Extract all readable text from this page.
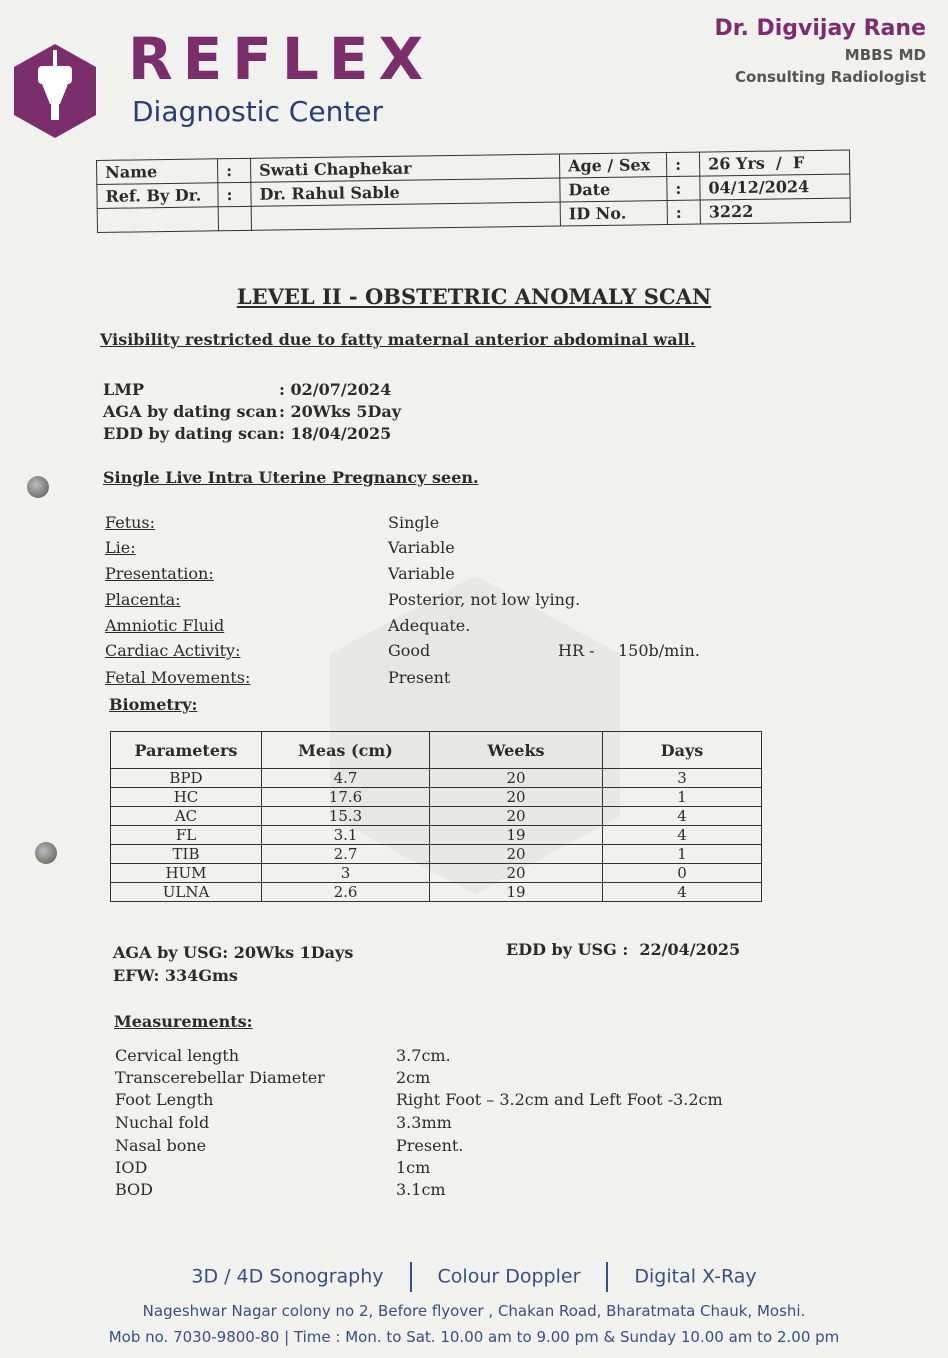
REFLEX
Diagnostic Center
Dr. Digvijay Rane
MBBS MD
Consulting Radiologist
Name	:	Swati Chaphekar	Age / Sex	:	26 Yrs / F
Ref. By Dr.	:	Dr. Rahul Sable	Date	:	04/12/2024
			ID No.	:	3222
LEVEL II - OBSTETRIC ANOMALY SCAN
Visibility restricted due to fatty maternal anterior abdominal wall.
LMP	: 02/07/2024
AGA by dating scan : 20Wks 5Day
EDD by dating scan: 18/04/2025
Single Live Intra Uterine Pregnancy seen.
Fetus:	Single
Lie:	Variable
Presentation:	Variable
Placenta:	Posterior, not low lying.
Amniotic Fluid	Adequate.
Cardiac Activity:	Good	HR - 150b/min.
Fetal Movements:	Present
Biometry:
Parameters	Meas (cm)	Weeks	Days
BPD	4.7	20	3
HC	17.6	20	1
AC	15.3	20	4
FL	3.1	19	4
TIB	2.7	20	1
HUM	3	20	0
ULNA	2.6	19	4
AGA by USG: 20Wks 1Days
EFW: 334Gms
EDD by USG : 22/04/2025
Measurements:
Cervical length	3.7cm.
Transcerebellar Diameter	2cm
Foot Length	Right Foot – 3.2cm and Left Foot -3.2cm
Nuchal fold	3.3mm
Nasal bone	Present.
IOD	1cm
BOD	3.1cm
3D / 4D Sonography	Colour Doppler	Digital X-Ray
Nageshwar Nagar colony no 2, Before flyover , Chakan Road, Bharatmata Chauk, Moshi.
Mob no. 7030-9800-80 | Time : Mon. to Sat. 10.00 am to 9.00 pm & Sunday 10.00 am to 2.00 pm
